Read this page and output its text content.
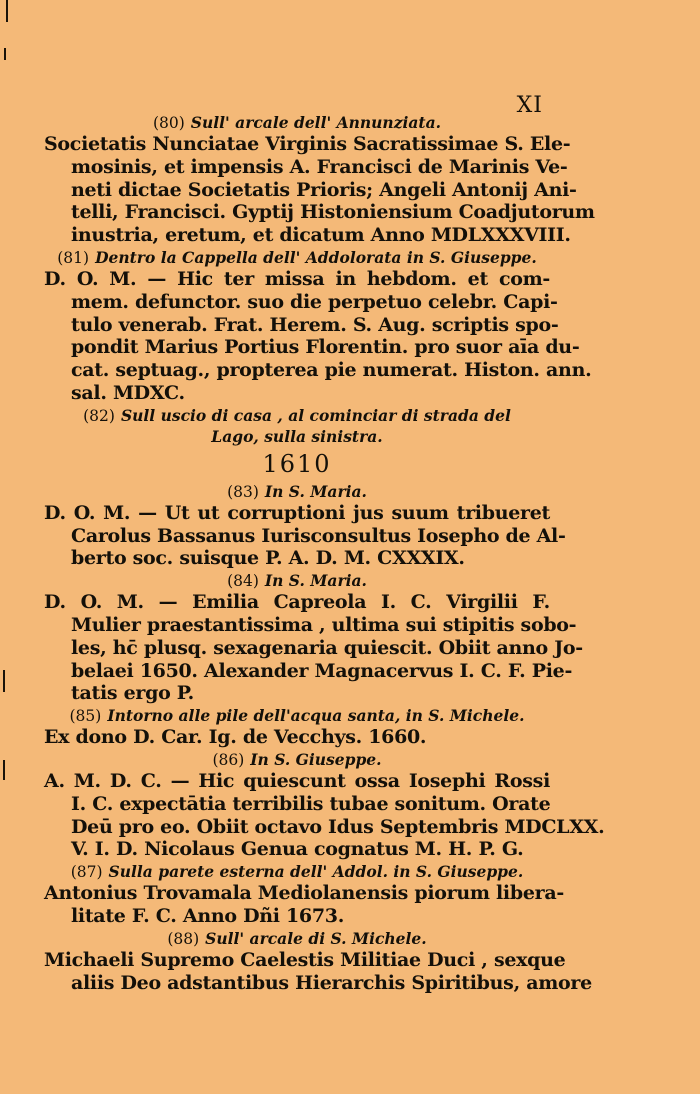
XI
(80) Sull' arcale dell' Annunziata.
Societatis Nunciatae Virginis Sacratissimae S. Ele-
mosinis, et impensis A. Francisci de Marinis Ve-
neti dictae Societatis Prioris; Angeli Antonij Ani-
telli, Francisci. Gyptij Histoniensium Coadjutorum
inustria, eretum, et dicatum Anno MDLXXXVIII.
(81) Dentro la Cappella dell' Addolorata in S. Giuseppe.
D. O. M. — Hic ter missa in hebdom. et com-
mem. defunctor. suo die perpetuo celebr. Capi-
tulo venerab. Frat. Herem. S. Aug. scriptis spo-
pondit Marius Portius Florentin. pro suor aīa du-
cat. septuag., propterea pie numerat. Histon. ann.
sal. MDXC.
(82) Sull uscio di casa , al cominciar di strada del
Lago, sulla sinistra.
1610
(83) In S. Maria.
D. O. M. — Ut ut corruptioni jus suum tribueret
Carolus Bassanus Iurisconsultus Iosepho de Al-
berto soc. suisque P. A. D. M. CXXXIX.
(84) In S. Maria.
D. O. M. — Emilia Capreola I. C. Virgilii F.
Mulier praestantissima , ultima sui stipitis sobo-
les, hc̄ plusq. sexagenaria quiescit. Obiit anno Jo-
belaei 1650. Alexander Magnacervus I. C. F. Pie-
tatis ergo P.
(85) Intorno alle pile dell'acqua santa, in S. Michele.
Ex dono D. Car. Ig. de Vecchys. 1660.
(86) In S. Giuseppe.
A. M. D. C. — Hic quiescunt ossa Iosephi Rossi
I. C. expectātia terribilis tubae sonitum. Orate
Deū pro eo. Obiit octavo Idus Septembris MDCLXX.
V. I. D. Nicolaus Genua cognatus M. H. P. G.
(87) Sulla parete esterna dell' Addol. in S. Giuseppe.
Antonius Trovamala Mediolanensis piorum libera-
litate F. C. Anno Dñi 1673.
(88) Sull' arcale di S. Michele.
Michaeli Supremo Caelestis Militiae Duci , sexque
aliis Deo adstantibus Hierarchis Spiritibus, amore
